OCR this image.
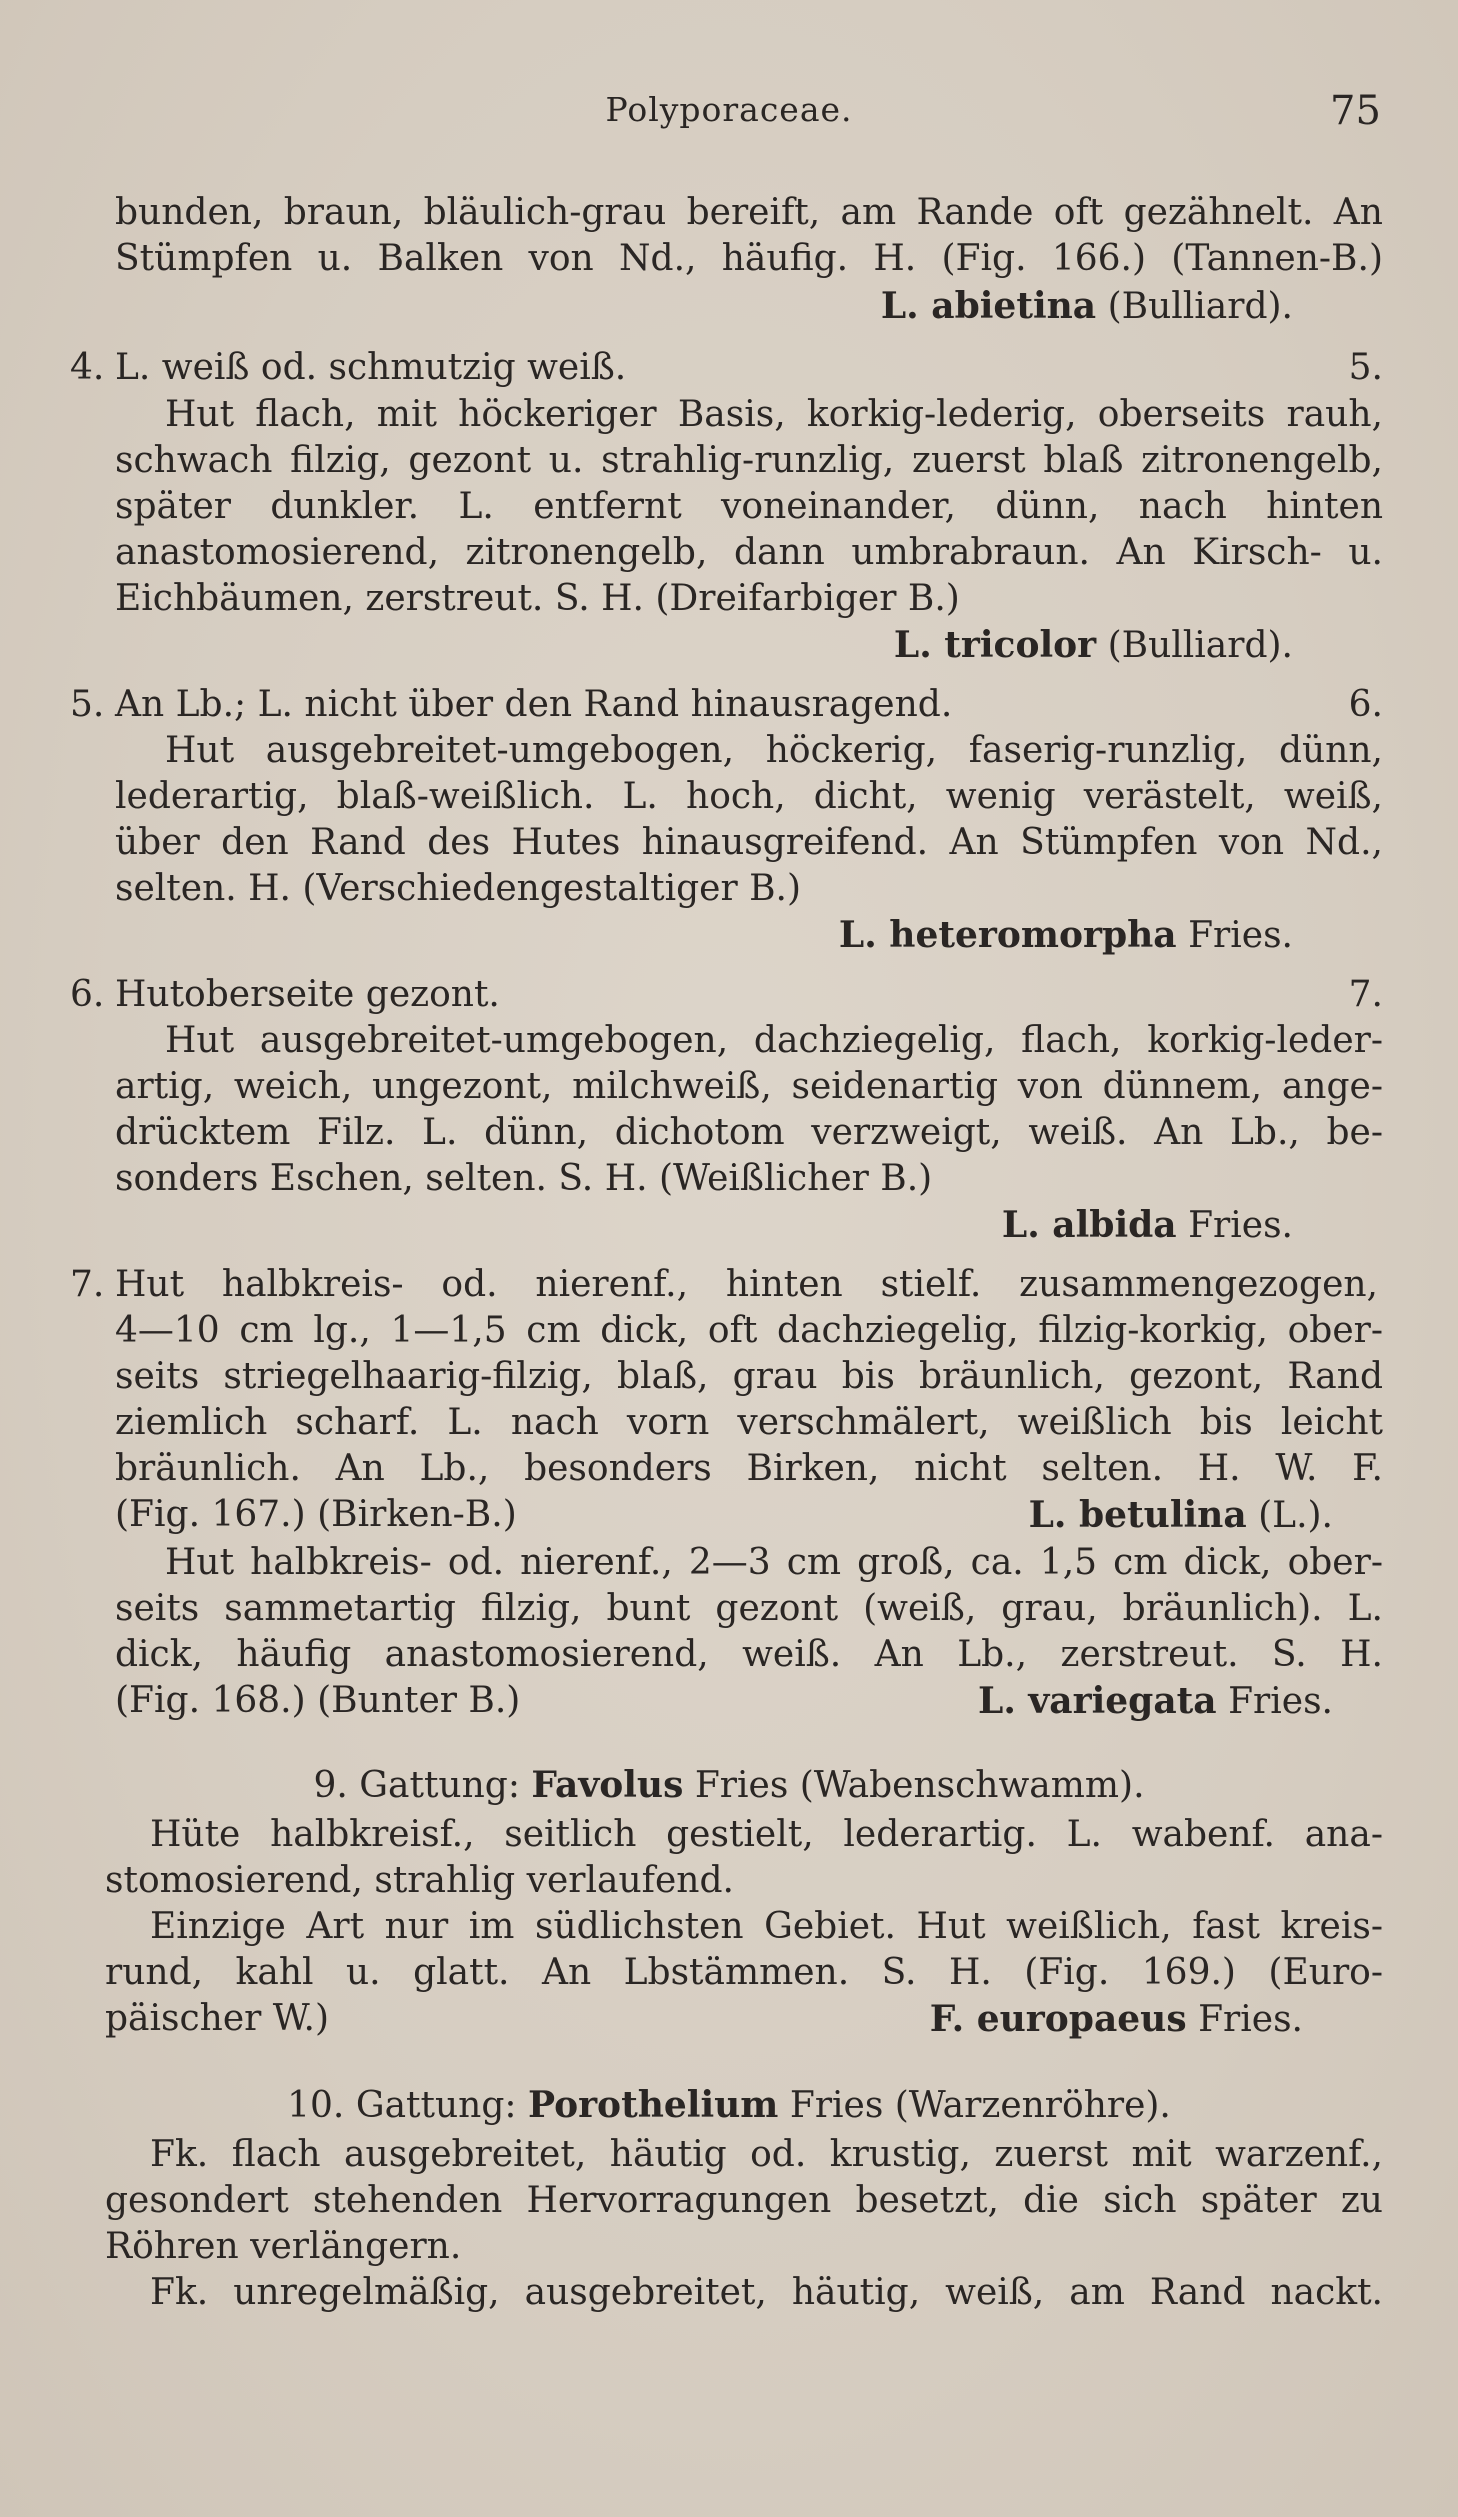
Polyporaceae.	75
bunden, braun, bläulich-grau bereift, am Rande oft gezähnelt. An
Stümpfen u. Balken von Nd., häufig. H. (Fig. 166.) (Tannen-B.)
L. abietina (Bulliard).
4. L. weiß od. schmutzig weiß.	5.
Hut flach, mit höckeriger Basis, korkig-lederig, oberseits rauh,
schwach filzig, gezont u. strahlig-runzlig, zuerst blaß zitronengelb,
später dunkler. L. entfernt voneinander, dünn, nach hinten
anastomosierend, zitronengelb, dann umbrabraun. An Kirsch- u.
Eichbäumen, zerstreut. S. H. (Dreifarbiger B.)
L. tricolor (Bulliard).
5. An Lb.; L. nicht über den Rand hinausragend.	6.
Hut ausgebreitet-umgebogen, höckerig, faserig-runzlig, dünn,
lederartig, blaß-weißlich. L. hoch, dicht, wenig verästelt, weiß,
über den Rand des Hutes hinausgreifend. An Stümpfen von Nd.,
selten. H. (Verschiedengestaltiger B.)
L. heteromorpha Fries.
6. Hutoberseite gezont.	7.
Hut ausgebreitet-umgebogen, dachziegelig, flach, korkig-leder-
artig, weich, ungezont, milchweiß, seidenartig von dünnem, ange-
drücktem Filz. L. dünn, dichotom verzweigt, weiß. An Lb., be-
sonders Eschen, selten. S. H. (Weißlicher B.)
L. albida Fries.
7. Hut halbkreis- od. nierenf., hinten stielf. zusammengezogen,
4—10 cm lg., 1—1,5 cm dick, oft dachziegelig, filzig-korkig, ober-
seits striegelhaarig-filzig, blaß, grau bis bräunlich, gezont, Rand
ziemlich scharf. L. nach vorn verschmälert, weißlich bis leicht
bräunlich. An Lb., besonders Birken, nicht selten. H. W. F.
(Fig. 167.) (Birken-B.)	L. betulina (L.).
Hut halbkreis- od. nierenf., 2—3 cm groß, ca. 1,5 cm dick, ober-
seits sammetartig filzig, bunt gezont (weiß, grau, bräunlich). L.
dick, häufig anastomosierend, weiß. An Lb., zerstreut. S. H.
(Fig. 168.) (Bunter B.)	L. variegata Fries.
9. Gattung: Favolus Fries (Wabenschwamm).
Hüte halbkreisf., seitlich gestielt, lederartig. L. wabenf. ana-
stomosierend, strahlig verlaufend.
Einzige Art nur im südlichsten Gebiet. Hut weißlich, fast kreis-
rund, kahl u. glatt. An Lbstämmen. S. H. (Fig. 169.) (Euro-
päischer W.)	F. europaeus Fries.
10. Gattung: Porothelium Fries (Warzenröhre).
Fk. flach ausgebreitet, häutig od. krustig, zuerst mit warzenf.,
gesondert stehenden Hervorragungen besetzt, die sich später zu
Röhren verlängern.
Fk. unregelmäßig, ausgebreitet, häutig, weiß, am Rand nackt.
